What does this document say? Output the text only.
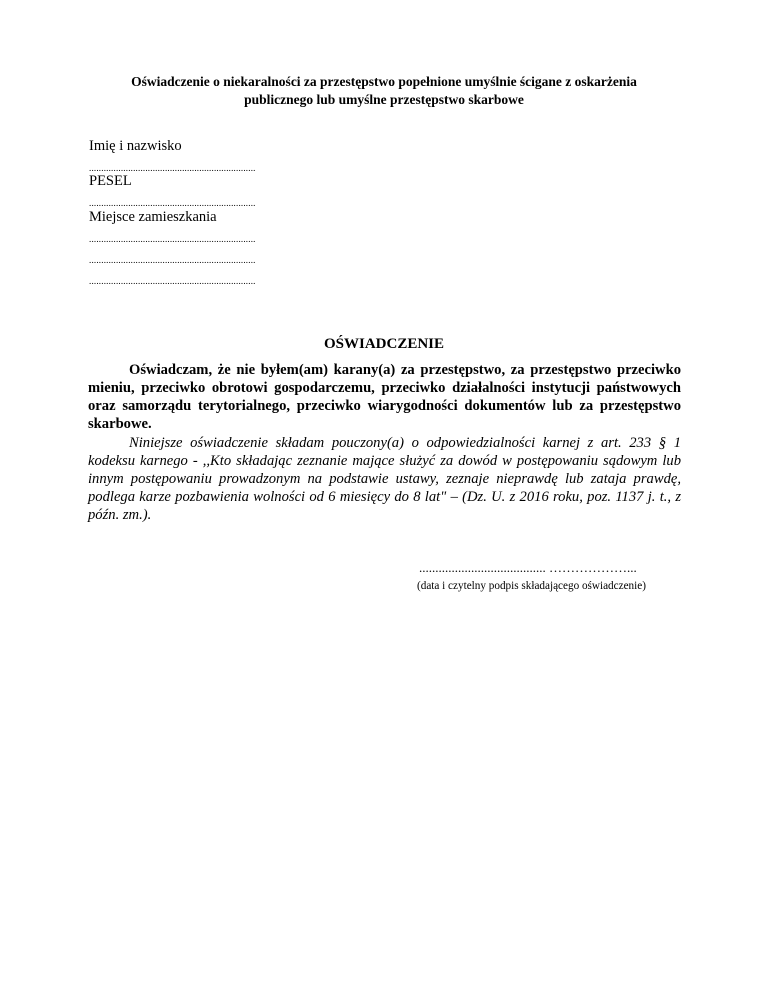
Oświadczenie o niekaralności za przestępstwo popełnione umyślnie ścigane z oskarżenia
publicznego lub umyślne przestępstwo skarbowe
Imię i nazwisko
....................................................................
PESEL
....................................................................
Miejsce zamieszkania
....................................................................
....................................................................
....................................................................
OŚWIADCZENIE

Oświadczam, że nie byłem(am) karany(a) za przestępstwo, za przestępstwo przeciwko mieniu, przeciwko obrotowi gospodarczemu, przeciwko działalności instytucji państwowych oraz samorządu terytorialnego, przeciwko wiarygodności dokumentów lub za przestępstwo skarbowe.

Niniejsze oświadczenie składam pouczony(a) o odpowiedzialności karnej z art. 233 § 1 kodeksu karnego - ,,Kto składając zeznanie mające służyć za dowód w postępowaniu sądowym lub innym postępowaniu prowadzonym na podstawie ustawy, zeznaje nieprawdę lub zataja prawdę, podlega karze pozbawienia wolności od 6 miesięcy do 8 lat" – (Dz. U. z 2016 roku, poz. 1137 j. t., z późn. zm.).

....................................... ………………...
(data i czytelny podpis składającego oświadczenie)
